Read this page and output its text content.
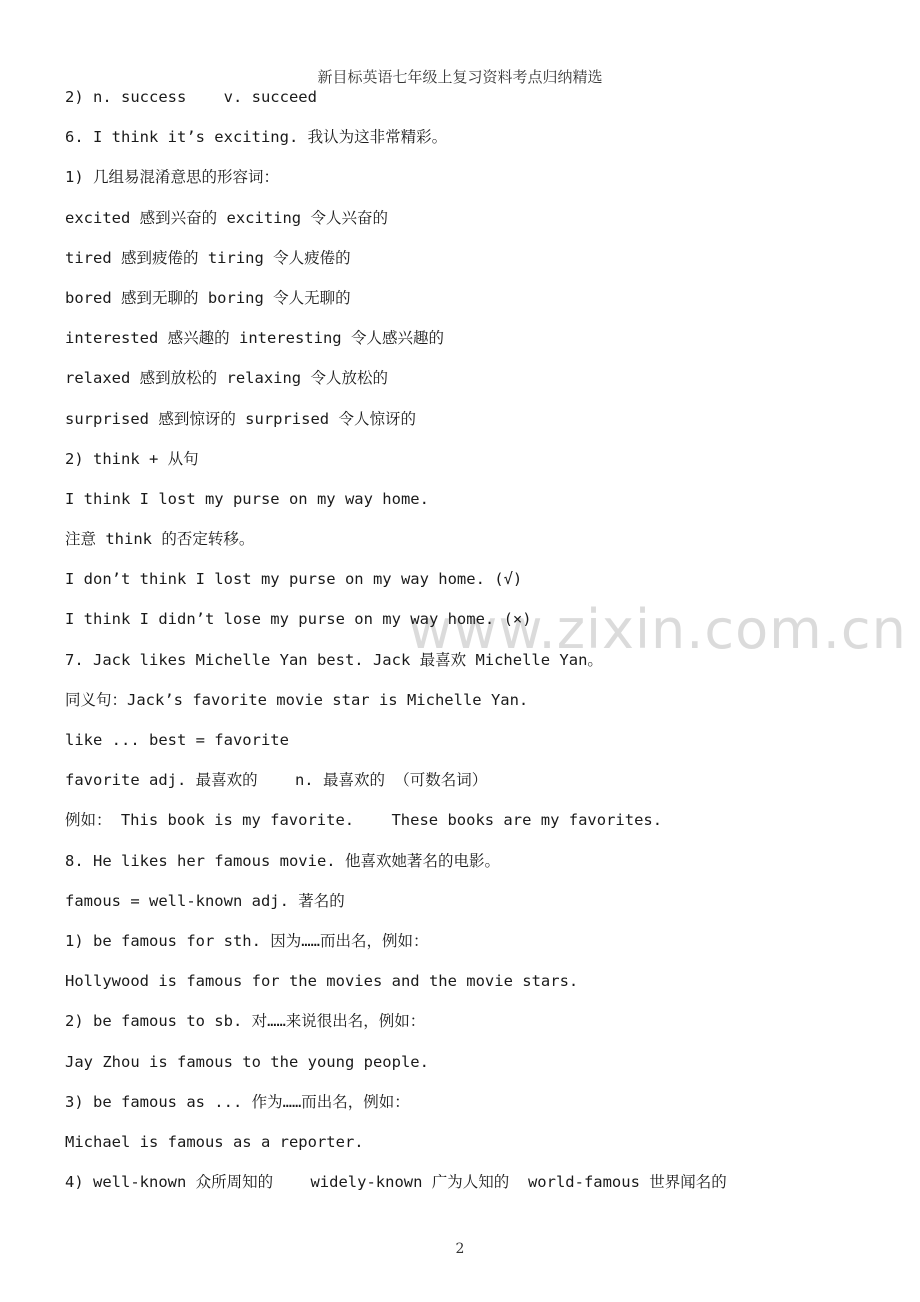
新目标英语七年级上复习资料考点归纳精选
www.zixin.com.cn
2) n. success    v. succeed
6. I think it’s exciting. 我认为这非常精彩。
1) 几组易混淆意思的形容词：
excited 感到兴奋的 exciting 令人兴奋的
tired 感到疲倦的 tiring 令人疲倦的
bored 感到无聊的 boring 令人无聊的
interested 感兴趣的 interesting 令人感兴趣的
relaxed 感到放松的 relaxing 令人放松的
surprised 感到惊讶的 surprised 令人惊讶的
2) think + 从句
I think I lost my purse on my way home.
注意 think 的否定转移。
I don’t think I lost my purse on my way home. (√)
I think I didn’t lose my purse on my way home. (×)
7. Jack likes Michelle Yan best. Jack 最喜欢 Michelle Yan。
同义句：Jack’s favorite movie star is Michelle Yan.
like ... best = favorite
favorite adj. 最喜欢的    n. 最喜欢的 （可数名词）
例如： This book is my favorite.    These books are my favorites.
8. He likes her famous movie. 他喜欢她著名的电影。
famous = well-known adj. 著名的
1) be famous for sth. 因为……而出名，例如：
Hollywood is famous for the movies and the movie stars.
2) be famous to sb. 对……来说很出名，例如：
Jay Zhou is famous to the young people.
3) be famous as ... 作为……而出名，例如：
Michael is famous as a reporter.
4) well-known 众所周知的    widely-known 广为人知的  world-famous 世界闻名的
2
